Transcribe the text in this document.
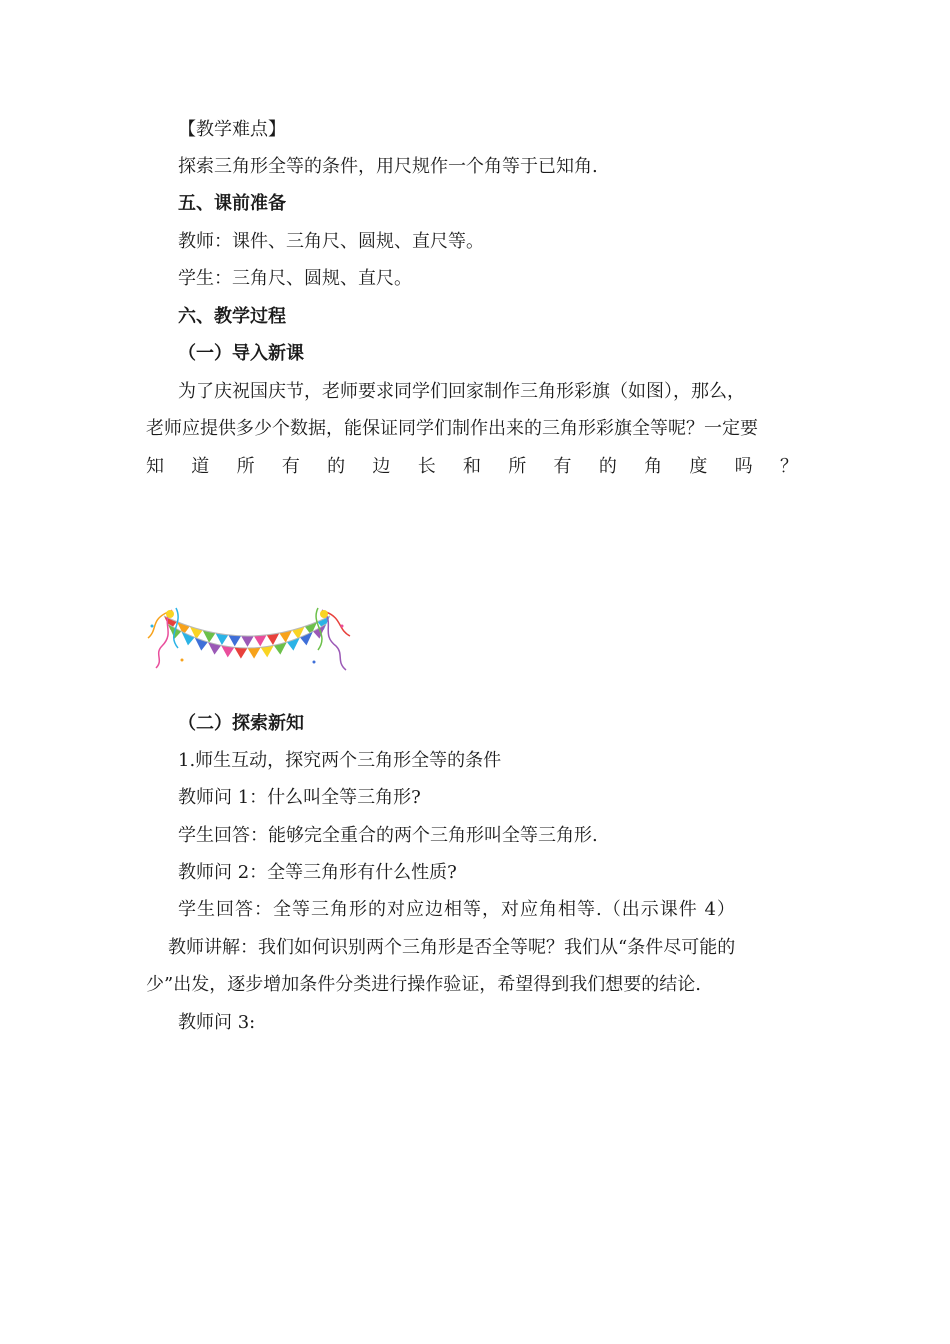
【教学难点】
探索三角形全等的条件，用尺规作一个角等于已知角.
五、课前准备
教师：课件、三角尺、圆规、直尺等。
学生：三角尺、圆规、直尺。
六、教学过程
（一）导入新课
为了庆祝国庆节，老师要求同学们回家制作三角形彩旗（如图），那么，
老师应提供多少个数据，能保证同学们制作出来的三角形彩旗全等呢？一定要
知 道 所 有 的 边 长 和 所 有 的 角 度 吗 ？
（二）探索新知
1.师生互动，探究两个三角形全等的条件
教师问 1：什么叫全等三角形?
学生回答：能够完全重合的两个三角形叫全等三角形.
教师问 2：全等三角形有什么性质?
学生回答：全等三角形的对应边相等，对应角相等.（出示课件 4）
教师讲解：我们如何识别两个三角形是否全等呢？我们从“条件尽可能的
少”出发，逐步增加条件分类进行操作验证，希望得到我们想要的结论.
教师问 3:
